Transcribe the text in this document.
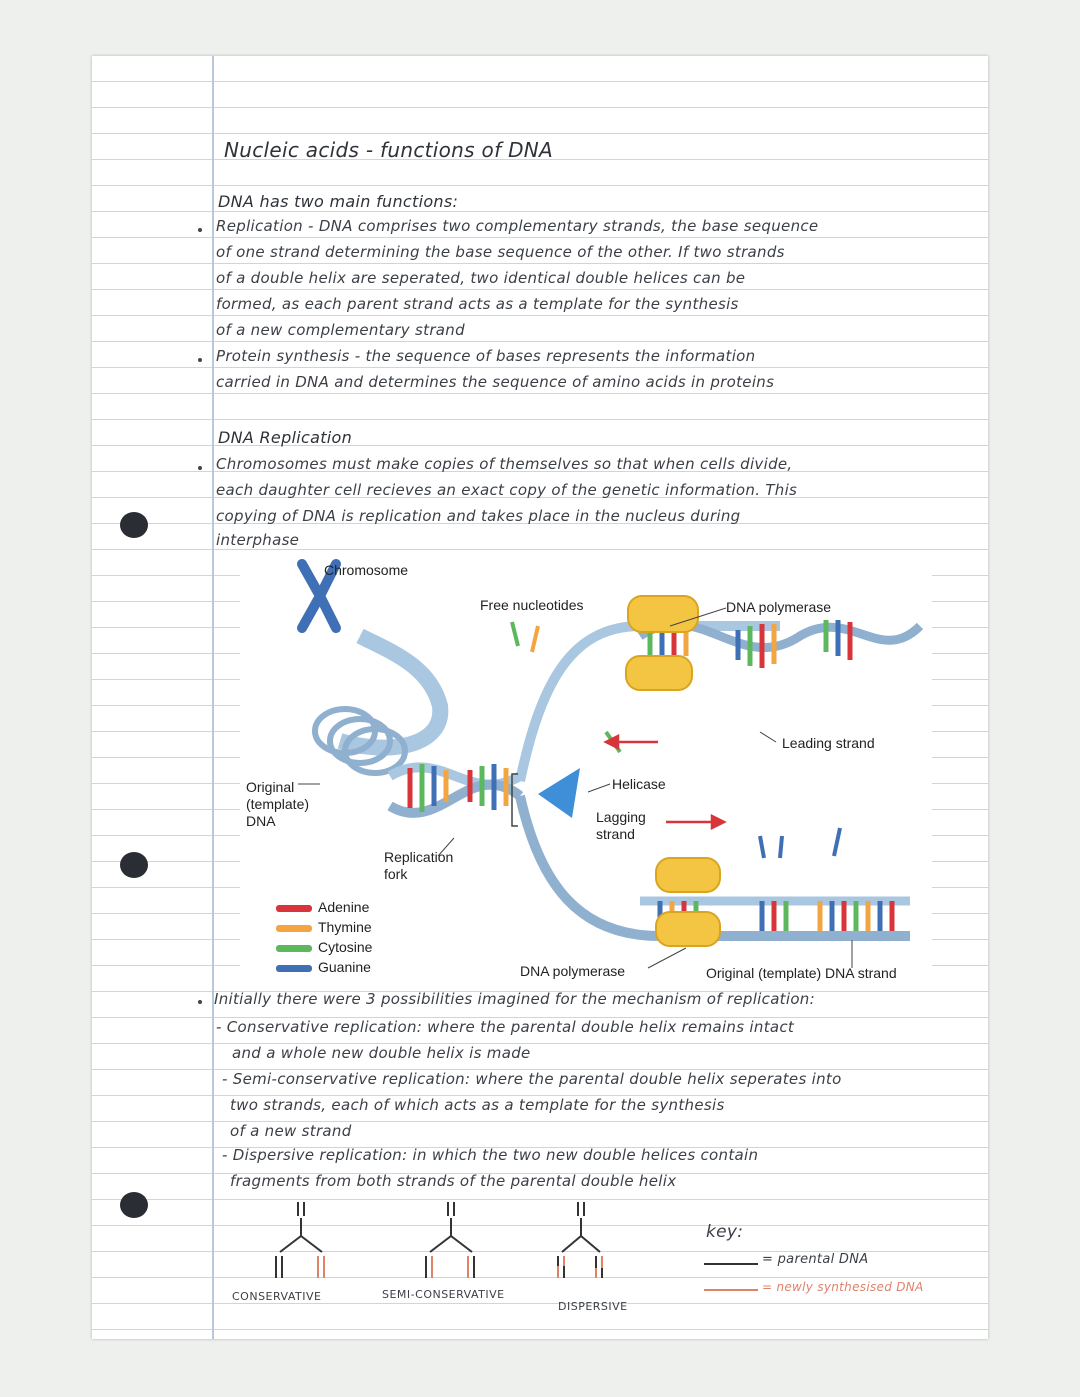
Nucleic acids - functions of DNA
DNA has two main functions:
Replication - DNA comprises two complementary strands, the base sequence
of one strand determining the base sequence of the other. If two strands
of a double helix are seperated, two identical double helices can be
formed, as each parent strand acts as a template for the synthesis
of a new complementary strand
Protein synthesis - the sequence of bases represents the information
carried in DNA and determines the sequence of amino acids in proteins
DNA Replication
Chromosomes must make copies of themselves so that when cells divide,
each daughter cell recieves an exact copy of the genetic information. This
copying of DNA is replication and takes place in the nucleus during
interphase
Chromosome
Free nucleotides	DNA polymerase
Leading strand
Helicase
Lagging
strand
Original
(template)
DNA
Replication
fork
DNA polymerase	Original (template) DNA strand
Adenine
Thymine
Cytosine
Guanine
Initially there were 3 possibilities imagined for the mechanism of replication:
- Conservative replication: where the parental double helix remains intact
and a whole new double helix is made
- Semi-conservative replication: where the parental double helix seperates into
two strands, each of which acts as a template for the synthesis
of a new strand
- Dispersive replication: in which the two new double helices contain
fragments from both strands of the parental double helix
CONSERVATIVE	SEMI-CONSERVATIVE
DISPERSIVE
key:
= parental DNA
= newly synthesised DNA
